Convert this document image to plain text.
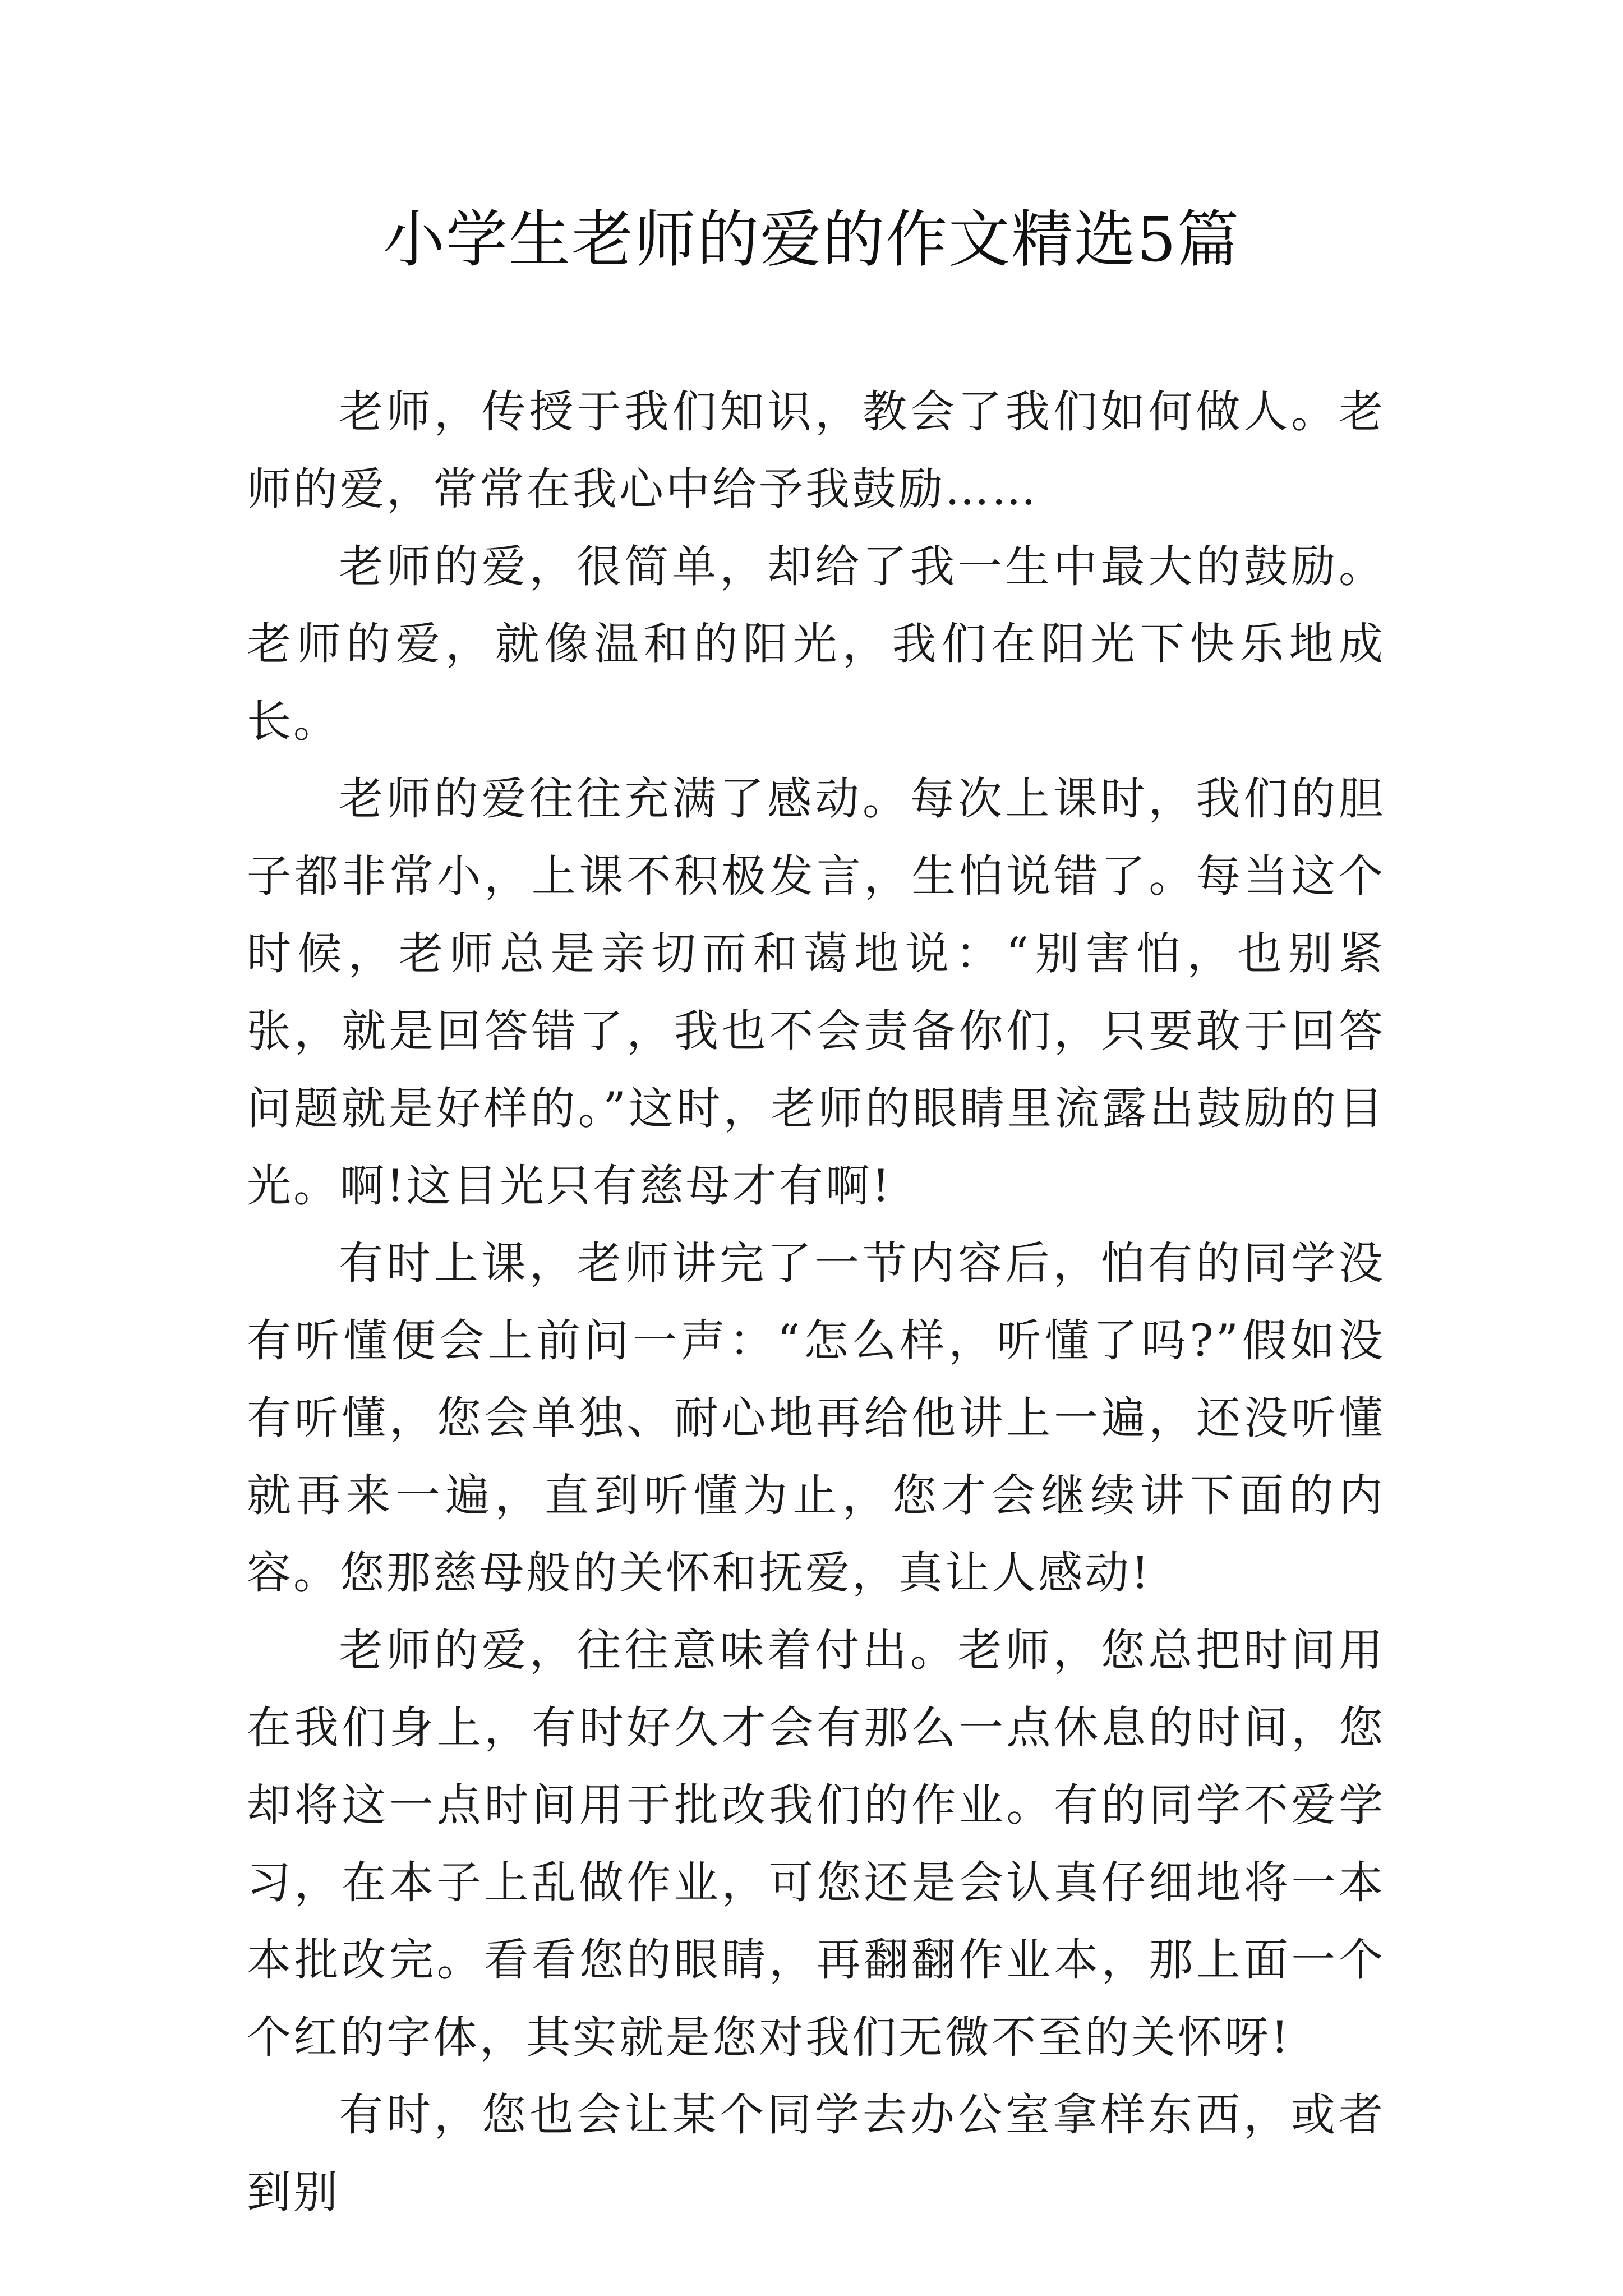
小学生老师的爱的作文精选5篇

老师，传授于我们知识，教会了我们如何做人。老师的爱，常常在我心中给予我鼓励……

老师的爱，很简单，却给了我一生中最大的鼓励。老师的爱，就像温和的阳光，我们在阳光下快乐地成长。

老师的爱往往充满了感动。每次上课时，我们的胆子都非常小，上课不积极发言，生怕说错了。每当这个时候，老师总是亲切而和蔼地说：“别害怕，也别紧张，就是回答错了，我也不会责备你们，只要敢于回答问题就是好样的。”这时，老师的眼睛里流露出鼓励的目光。啊!这目光只有慈母才有啊!

有时上课，老师讲完了一节内容后，怕有的同学没有听懂便会上前问一声：“怎么样，听懂了吗?”假如没有听懂，您会单独、耐心地再给他讲上一遍，还没听懂就再来一遍，直到听懂为止，您才会继续讲下面的内容。您那慈母般的关怀和抚爱，真让人感动!

老师的爱，往往意味着付出。老师，您总把时间用在我们身上，有时好久才会有那么一点休息的时间，您却将这一点时间用于批改我们的作业。有的同学不爱学习，在本子上乱做作业，可您还是会认真仔细地将一本本批改完。看看您的眼睛，再翻翻作业本，那上面一个个红的字体，其实就是您对我们无微不至的关怀呀!

有时，您也会让某个同学去办公室拿样东西，或者到别
